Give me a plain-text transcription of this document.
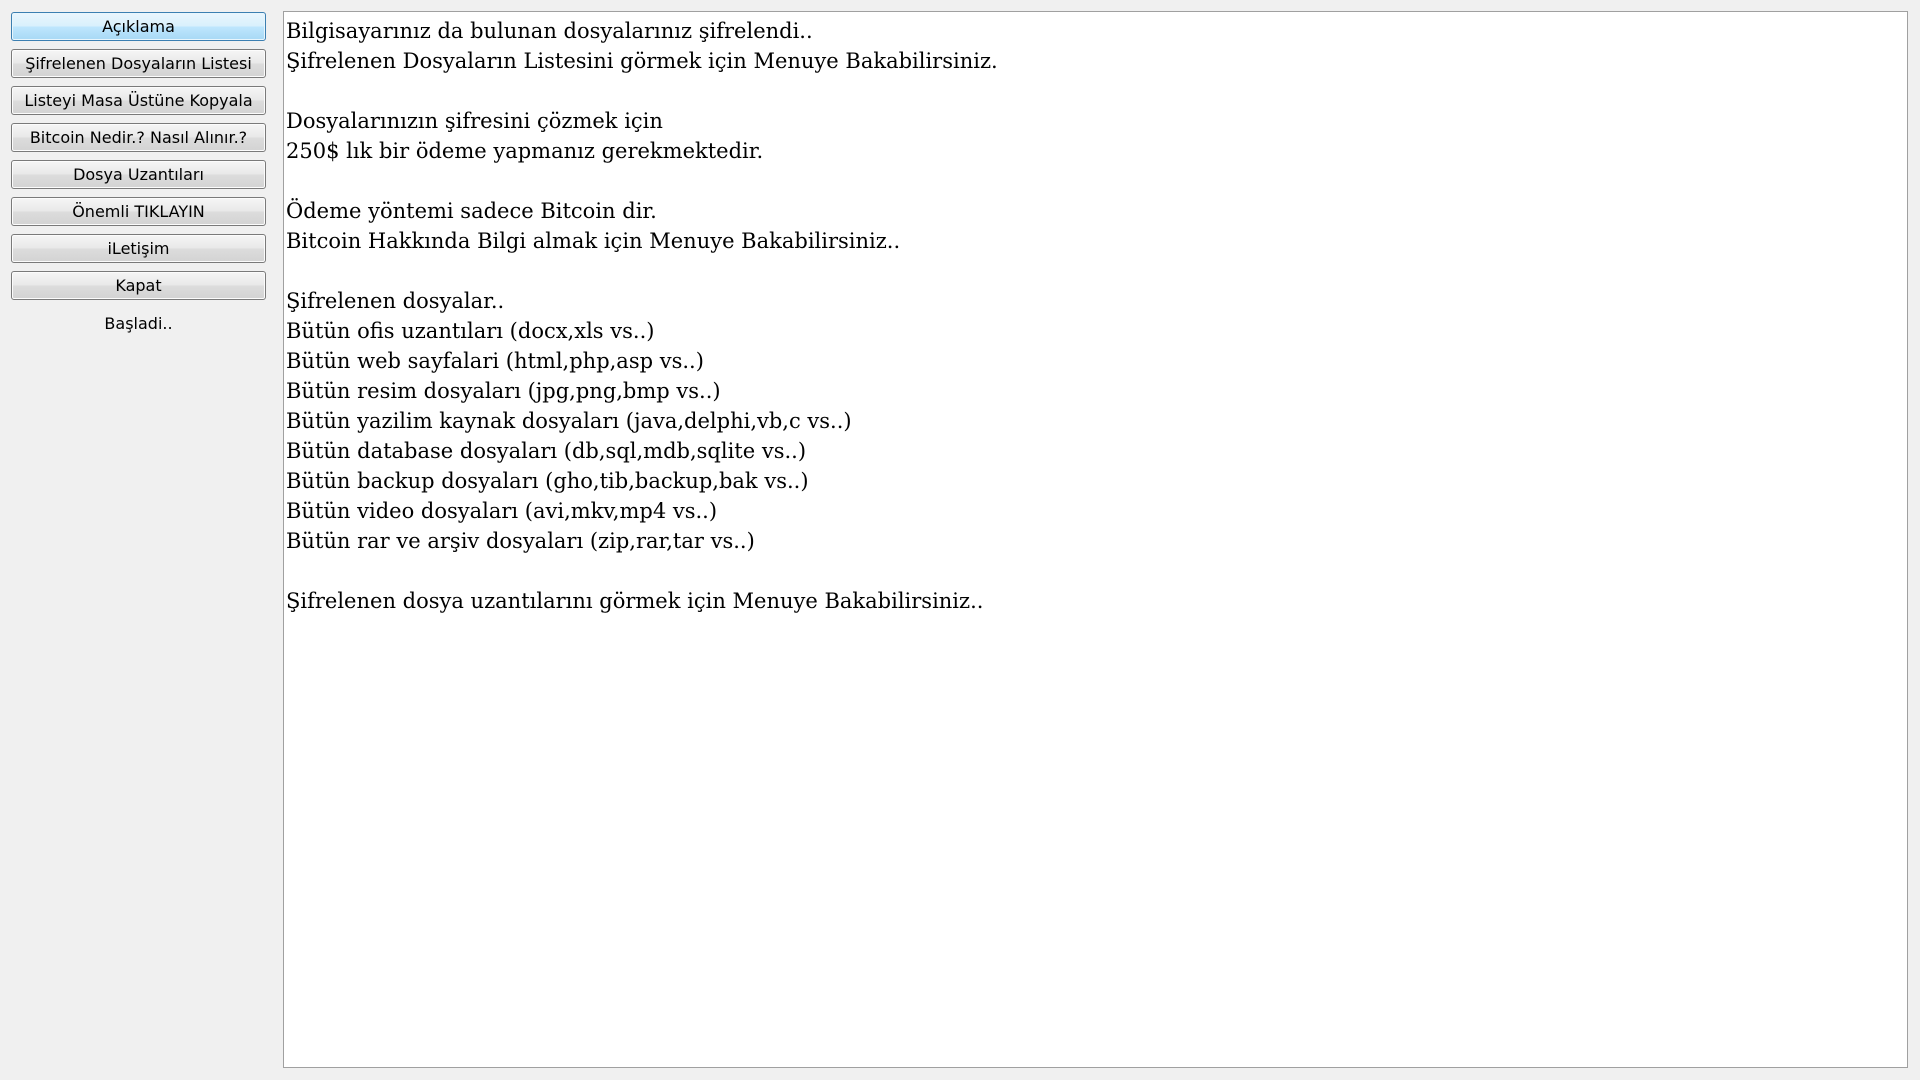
Açıklama
Şifrelenen Dosyaların Listesi
Listeyi Masa Üstüne Kopyala
Bitcoin Nedir.? Nasıl Alınır.?
Dosya Uzantıları
Önemli TIKLAYIN
iLetişim
Kapat
Başladi..
Bilgisayarınız da bulunan dosyalarınız şifrelendi..
Şifrelenen Dosyaların Listesini görmek için Menuye Bakabilirsiniz.
Dosyalarınızın şifresini çözmek için
250$ lık bir ödeme yapmanız gerekmektedir.
Ödeme yöntemi sadece Bitcoin dir.
Bitcoin Hakkında Bilgi almak için Menuye Bakabilirsiniz..
Şifrelenen dosyalar..
Bütün ofis uzantıları (docx,xls vs..)
Bütün web sayfalari (html,php,asp vs..)
Bütün resim dosyaları (jpg,png,bmp vs..)
Bütün yazilim kaynak dosyaları (java,delphi,vb,c vs..)
Bütün database dosyaları (db,sql,mdb,sqlite vs..)
Bütün backup dosyaları (gho,tib,backup,bak vs..)
Bütün video dosyaları (avi,mkv,mp4 vs..)
Bütün rar ve arşiv dosyaları (zip,rar,tar vs..)
Şifrelenen dosya uzantılarını görmek için Menuye Bakabilirsiniz..
